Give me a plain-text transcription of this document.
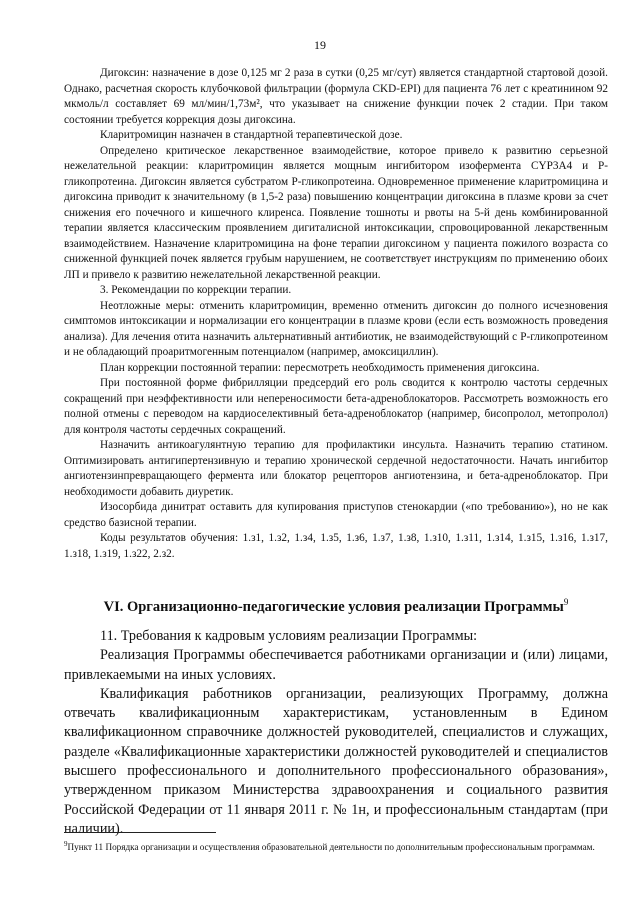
19

Дигоксин: назначение в дозе 0,125 мг 2 раза в сутки (0,25 мг/сут) является стандартной стартовой дозой. Однако, расчетная скорость клубочковой фильтрации (формула CKD-EPI) для пациента 76 лет с креатинином 92 мкмоль/л составляет 69 мл/мин/1,73м², что указывает на снижение функции почек 2 стадии. При таком состоянии требуется коррекция дозы дигоксина.

Кларитромицин назначен в стандартной терапевтической дозе.

Определено критическое лекарственное взаимодействие, которое привело к развитию серьезной нежелательной реакции: кларитромицин является мощным ингибитором изофермента CYP3A4 и P-гликопротеина. Дигоксин является субстратом P-гликопротеина. Одновременное применение кларитромицина и дигоксина приводит к значительному (в 1,5-2 раза) повышению концентрации дигоксина в плазме крови за счет снижения его почечного и кишечного клиренса. Появление тошноты и рвоты на 5-й день комбинированной терапии является классическим проявлением дигиталисной интоксикации, спровоцированной лекарственным взаимодействием. Назначение кларитромицина на фоне терапии дигоксином у пациента пожилого возраста со сниженной функцией почек является грубым нарушением, не соответствует инструкциям по применению обоих ЛП и привело к развитию нежелательной лекарственной реакции.

3. Рекомендации по коррекции терапии.

Неотложные меры: отменить кларитромицин, временно отменить дигоксин до полного исчезновения симптомов интоксикации и нормализации его концентрации в плазме крови (если есть возможность проведения анализа). Для лечения отита назначить альтернативный антибиотик, не взаимодействующий с P-гликопротеином и не обладающий проаритмогенным потенциалом (например, амоксициллин).

План коррекции постоянной терапии: пересмотреть необходимость применения дигоксина.

При постоянной форме фибрилляции предсердий его роль сводится к контролю частоты сердечных сокращений при неэффективности или непереносимости бета-адреноблокаторов. Рассмотреть возможность его полной отмены с переводом на кардиоселективный бета-адреноблокатор (например, бисопролол, метопролол) для контроля частоты сердечных сокращений.

Назначить антикоагулянтную терапию для профилактики инсульта. Назначить терапию статином. Оптимизировать антигипертензивную и терапию хронической сердечной недостаточности. Начать ингибитор ангиотензинпревращающего фермента или блокатор рецепторов ангиотензина, и бета-адреноблокатор. При необходимости добавить диуретик.

Изосорбида динитрат оставить для купирования приступов стенокардии («по требованию»), но не как средство базисной терапии.

Коды результатов обучения: 1.з1, 1.з2, 1.з4, 1.з5, 1.з6, 1.з7, 1.з8, 1.з10, 1.з11, 1.з14, 1.з15, 1.з16, 1.з17, 1.з18, 1.з19, 1.з22, 2.з2.

VI. Организационно-педагогические условия реализации Программы$^9$

11. Требования к кадровым условиям реализации Программы:

Реализация Программы обеспечивается работниками организации и (или) лицами, привлекаемыми на иных условиях.

Квалификация работников организации, реализующих Программу, должна отвечать квалификационным характеристикам, установленным в Едином квалификационном справочнике должностей руководителей, специалистов и служащих, разделе «Квалификационные характеристики должностей руководителей и специалистов высшего профессионального и дополнительного профессионального образования», утвержденном приказом Министерства здравоохранения и социального развития Российской Федерации от 11 января 2011 г. № 1н, и профессиональным стандартам (при наличии).

$^9$Пункт 11 Порядка организации и осуществления образовательной деятельности по дополнительным профессиональным программам.
